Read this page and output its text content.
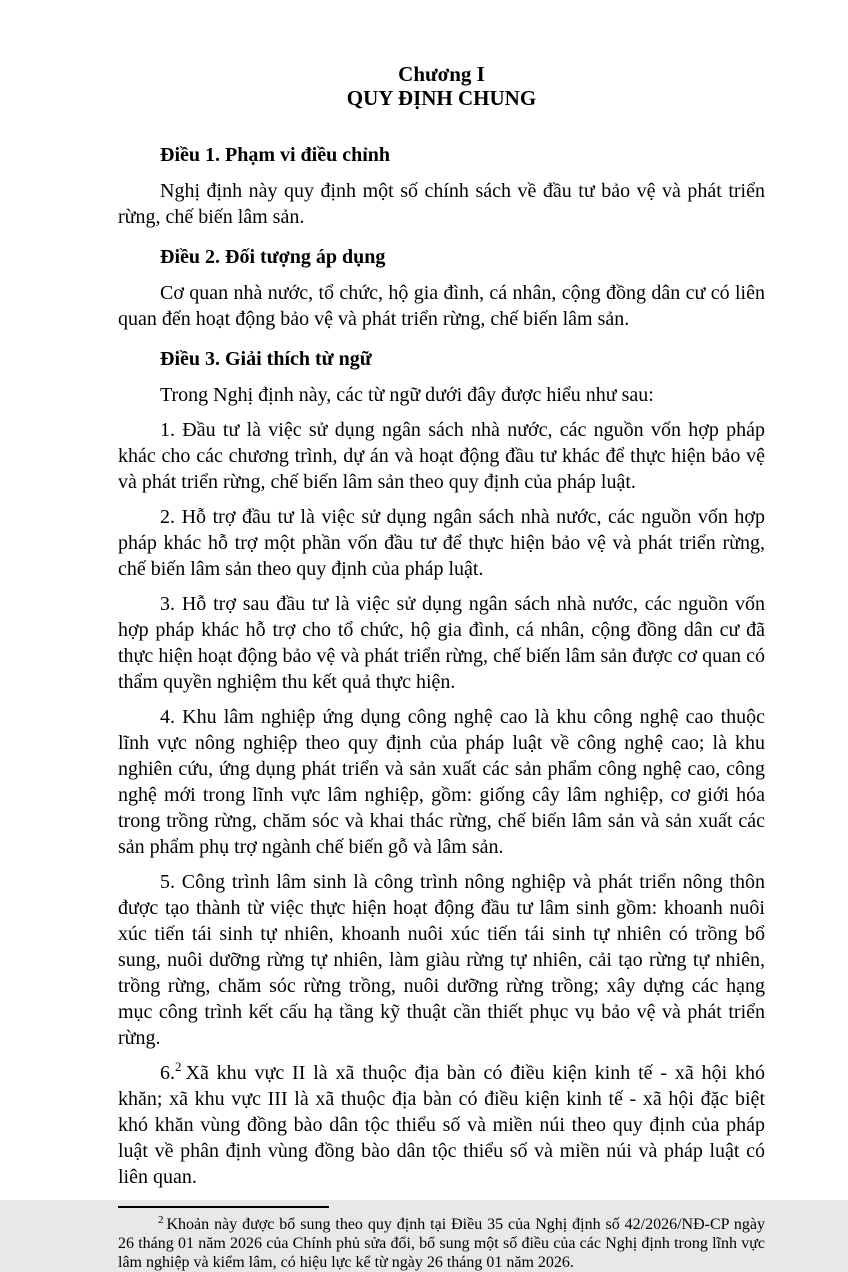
Chương I

QUY ĐỊNH CHUNG

Điều 1. Phạm vi điều chỉnh

Nghị định này quy định một số chính sách về đầu tư bảo vệ và phát triển rừng, chế biến lâm sản.

Điều 2. Đối tượng áp dụng

Cơ quan nhà nước, tổ chức, hộ gia đình, cá nhân, cộng đồng dân cư có liên quan đến hoạt động bảo vệ và phát triển rừng, chế biến lâm sản.

Điều 3. Giải thích từ ngữ

Trong Nghị định này, các từ ngữ dưới đây được hiểu như sau:

1. Đầu tư là việc sử dụng ngân sách nhà nước, các nguồn vốn hợp pháp khác cho các chương trình, dự án và hoạt động đầu tư khác để thực hiện bảo vệ và phát triển rừng, chế biến lâm sản theo quy định của pháp luật.

2. Hỗ trợ đầu tư là việc sử dụng ngân sách nhà nước, các nguồn vốn hợp pháp khác hỗ trợ một phần vốn đầu tư để thực hiện bảo vệ và phát triển rừng, chế biến lâm sản theo quy định của pháp luật.

3. Hỗ trợ sau đầu tư là việc sử dụng ngân sách nhà nước, các nguồn vốn hợp pháp khác hỗ trợ cho tổ chức, hộ gia đình, cá nhân, cộng đồng dân cư đã thực hiện hoạt động bảo vệ và phát triển rừng, chế biến lâm sản được cơ quan có thẩm quyền nghiệm thu kết quả thực hiện.

4. Khu lâm nghiệp ứng dụng công nghệ cao là khu công nghệ cao thuộc lĩnh vực nông nghiệp theo quy định của pháp luật về công nghệ cao; là khu nghiên cứu, ứng dụng phát triển và sản xuất các sản phẩm công nghệ cao, công nghệ mới trong lĩnh vực lâm nghiệp, gồm: giống cây lâm nghiệp, cơ giới hóa trong trồng rừng, chăm sóc và khai thác rừng, chế biến lâm sản và sản xuất các sản phẩm phụ trợ ngành chế biến gỗ và lâm sản.

5. Công trình lâm sinh là công trình nông nghiệp và phát triển nông thôn được tạo thành từ việc thực hiện hoạt động đầu tư lâm sinh gồm: khoanh nuôi xúc tiến tái sinh tự nhiên, khoanh nuôi xúc tiến tái sinh tự nhiên có trồng bổ sung, nuôi dưỡng rừng tự nhiên, làm giàu rừng tự nhiên, cải tạo rừng tự nhiên, trồng rừng, chăm sóc rừng trồng, nuôi dưỡng rừng trồng; xây dựng các hạng mục công trình kết cấu hạ tầng kỹ thuật cần thiết phục vụ bảo vệ và phát triển rừng.

6.$^2$ Xã khu vực II là xã thuộc địa bàn có điều kiện kinh tế - xã hội khó khăn; xã khu vực III là xã thuộc địa bàn có điều kiện kinh tế - xã hội đặc biệt khó khăn vùng đồng bào dân tộc thiểu số và miền núi theo quy định của pháp luật về phân định vùng đồng bào dân tộc thiểu số và miền núi và pháp luật có liên quan.

$^2$ Khoản này được bổ sung theo quy định tại Điều 35 của Nghị định số 42/2026/NĐ-CP ngày 26 tháng 01 năm 2026 của Chính phủ sửa đổi, bổ sung một số điều của các Nghị định trong lĩnh vực lâm nghiệp và kiểm lâm, có hiệu lực kể từ ngày 26 tháng 01 năm 2026.
